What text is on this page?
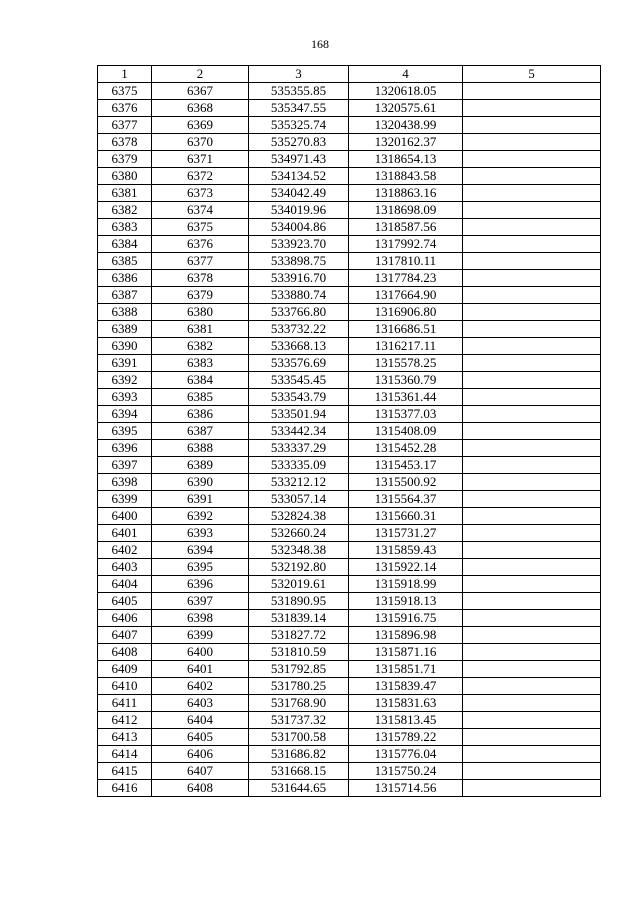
168
1	2	3	4	5
6375	6367	535355.85	1320618.05	
6376	6368	535347.55	1320575.61	
6377	6369	535325.74	1320438.99	
6378	6370	535270.83	1320162.37	
6379	6371	534971.43	1318654.13	
6380	6372	534134.52	1318843.58	
6381	6373	534042.49	1318863.16	
6382	6374	534019.96	1318698.09	
6383	6375	534004.86	1318587.56	
6384	6376	533923.70	1317992.74	
6385	6377	533898.75	1317810.11	
6386	6378	533916.70	1317784.23	
6387	6379	533880.74	1317664.90	
6388	6380	533766.80	1316906.80	
6389	6381	533732.22	1316686.51	
6390	6382	533668.13	1316217.11	
6391	6383	533576.69	1315578.25	
6392	6384	533545.45	1315360.79	
6393	6385	533543.79	1315361.44	
6394	6386	533501.94	1315377.03	
6395	6387	533442.34	1315408.09	
6396	6388	533337.29	1315452.28	
6397	6389	533335.09	1315453.17	
6398	6390	533212.12	1315500.92	
6399	6391	533057.14	1315564.37	
6400	6392	532824.38	1315660.31	
6401	6393	532660.24	1315731.27	
6402	6394	532348.38	1315859.43	
6403	6395	532192.80	1315922.14	
6404	6396	532019.61	1315918.99	
6405	6397	531890.95	1315918.13	
6406	6398	531839.14	1315916.75	
6407	6399	531827.72	1315896.98	
6408	6400	531810.59	1315871.16	
6409	6401	531792.85	1315851.71	
6410	6402	531780.25	1315839.47	
6411	6403	531768.90	1315831.63	
6412	6404	531737.32	1315813.45	
6413	6405	531700.58	1315789.22	
6414	6406	531686.82	1315776.04	
6415	6407	531668.15	1315750.24	
6416	6408	531644.65	1315714.56	
